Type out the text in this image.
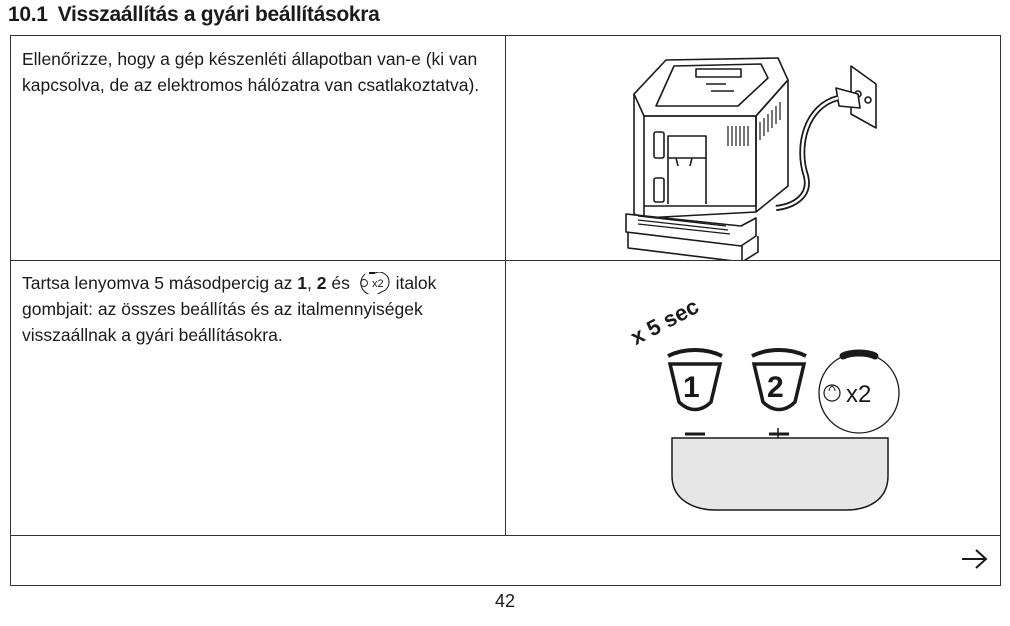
10.1 Visszaállítás a gyári beállításokra
Ellenőrizze, hogy a gép készenléti állapotban van-e (ki van kapcsolva, de az elektromos hálózatra van csatlakoztatva).
Tartsa lenyomva 5 másodpercig az 1, 2 és x2 italok gombjait: az összes beállítás és az italmennyiségek visszaállnak a gyári beállításokra.	x 5 sec
1 2	x2
42
